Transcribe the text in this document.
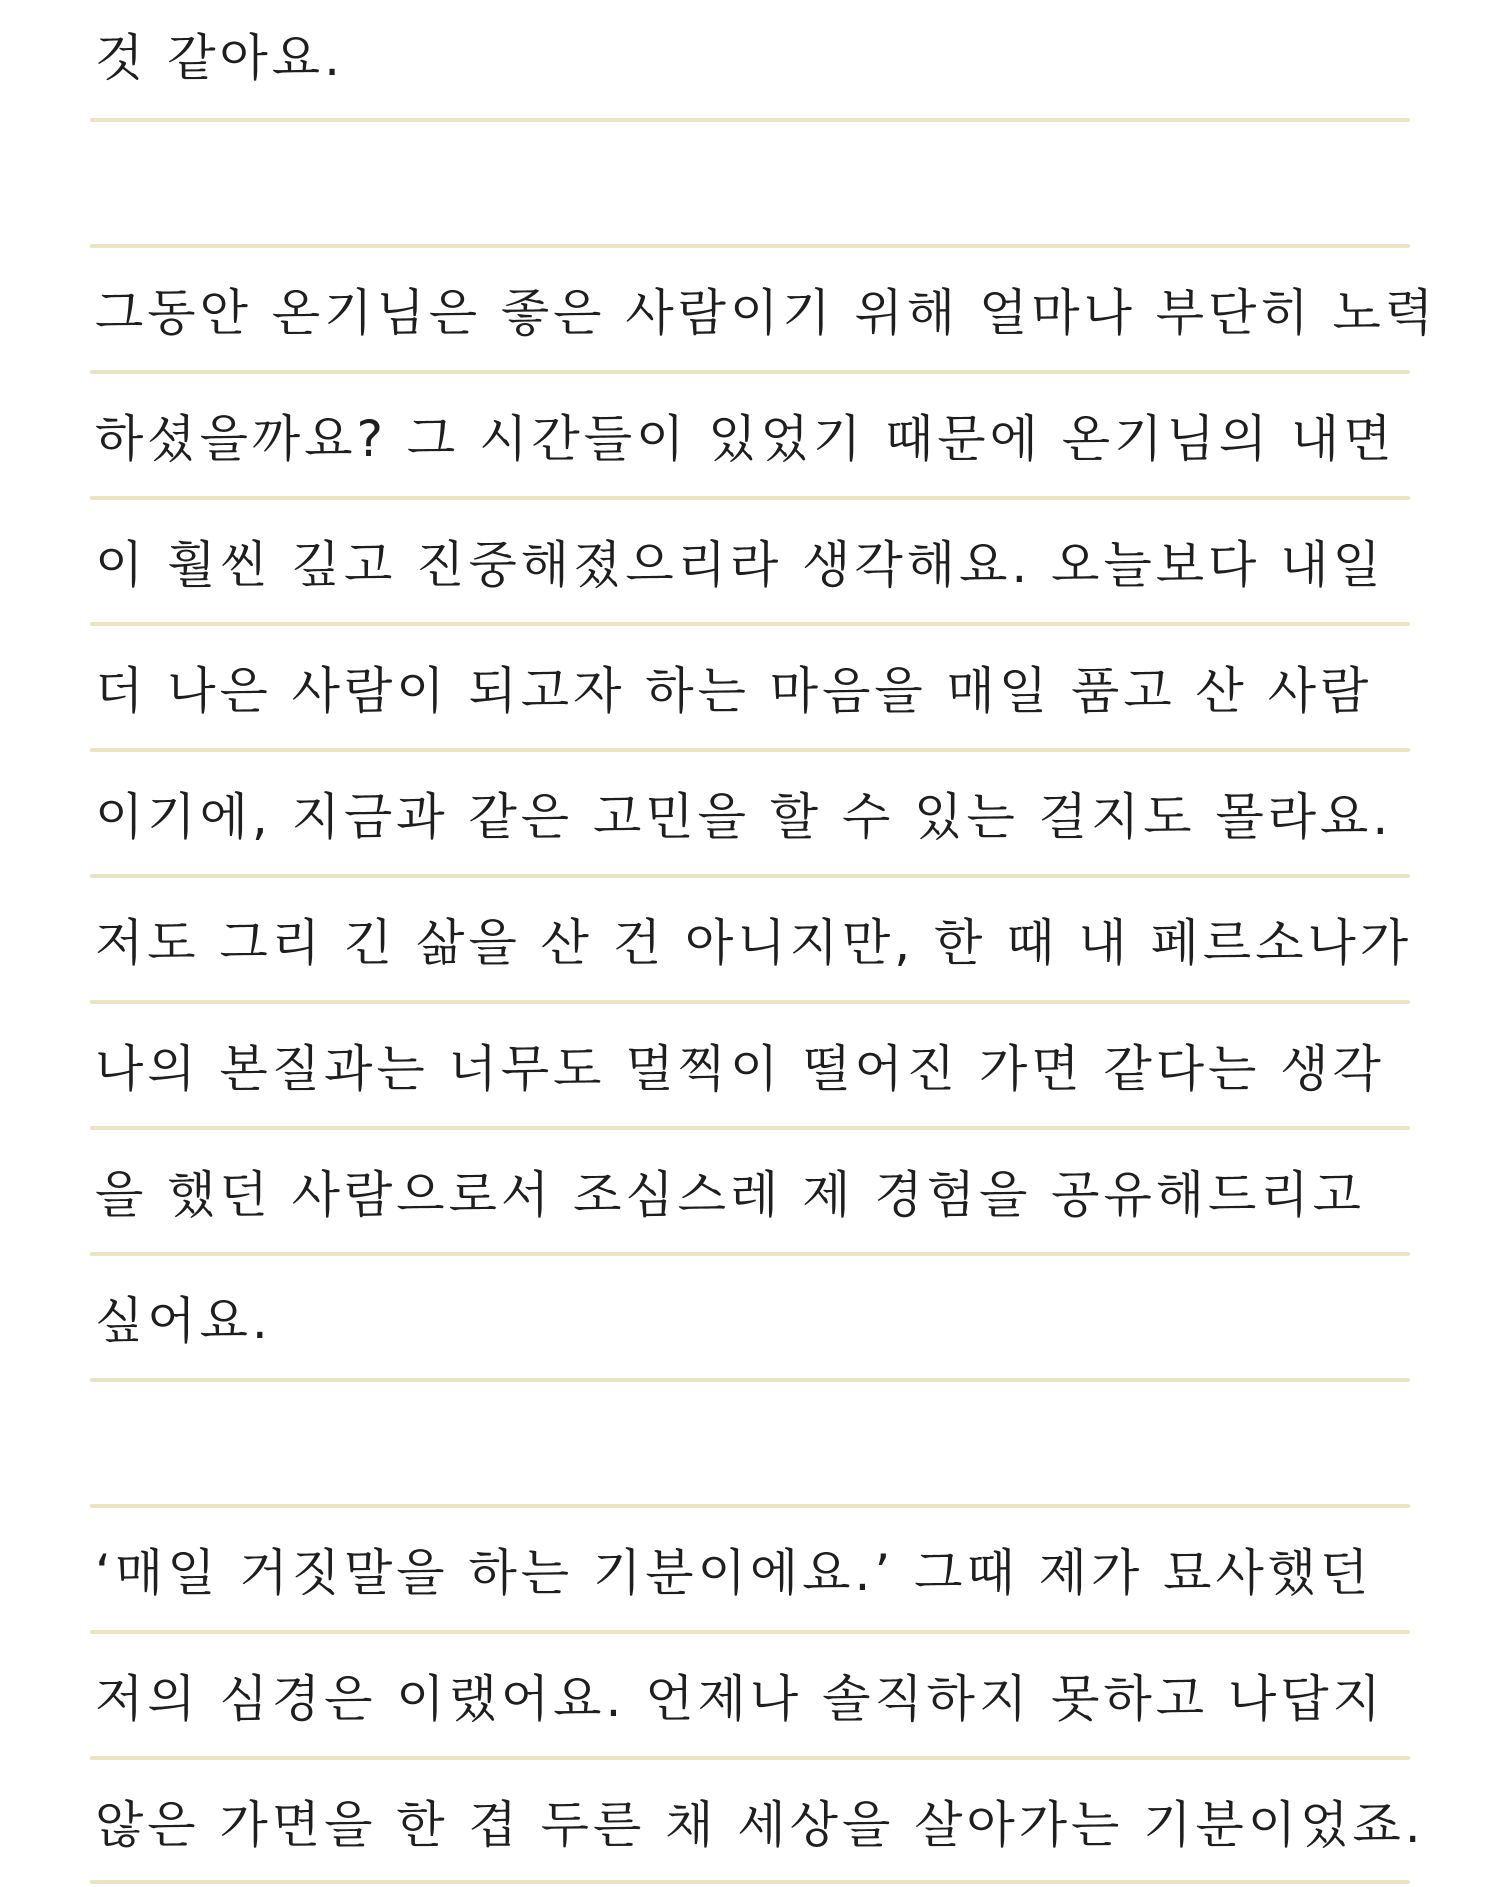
것 같아요.
그동안 온기님은 좋은 사람이기 위해 얼마나 부단히 노력
하셨을까요? 그 시간들이 있었기 때문에 온기님의 내면
이 훨씬 깊고 진중해졌으리라 생각해요. 오늘보다 내일
더 나은 사람이 되고자 하는 마음을 매일 품고 산 사람
이기에, 지금과 같은 고민을 할 수 있는 걸지도 몰라요.
저도 그리 긴 삶을 산 건 아니지만, 한 때 내 페르소나가
나의 본질과는 너무도 멀찍이 떨어진 가면 같다는 생각
을 했던 사람으로서 조심스레 제 경험을 공유해드리고
싶어요.
‘매일 거짓말을 하는 기분이에요.’ 그때 제가 묘사했던
저의 심경은 이랬어요. 언제나 솔직하지 못하고 나답지
않은 가면을 한 겹 두른 채 세상을 살아가는 기분이었죠.
